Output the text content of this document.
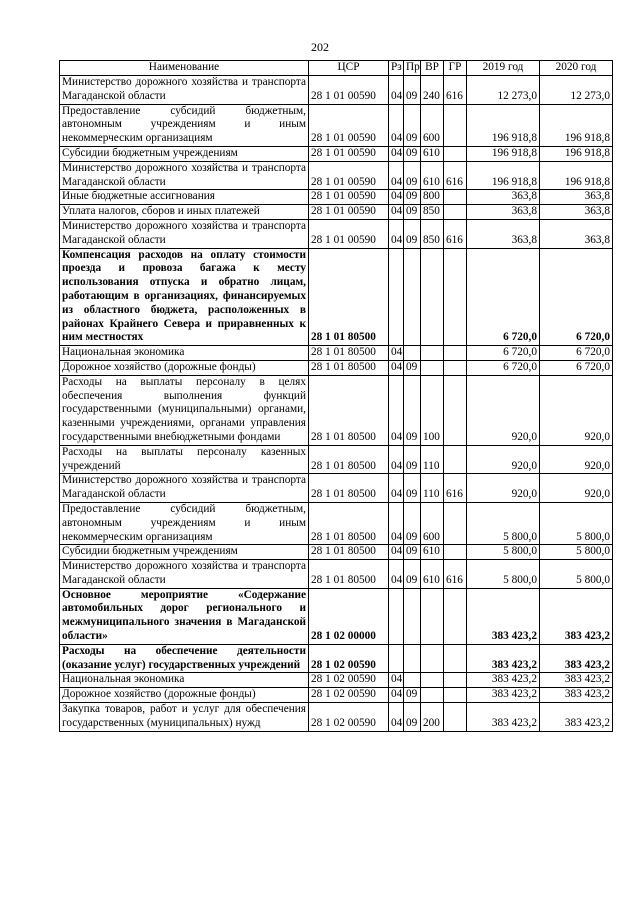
202
Наименование	ЦСР	Рз	Пр	ВР	ГР	2019 год	2020 год
Министерство дорожного хозяйства и транспорта Магаданской области	28 1 01 00590	04	09	240	616	12 273,0	12 273,0
Предоставление субсидий бюджетным, автономным учреждениям и иным некоммерческим организациям	28 1 01 00590	04	09	600		196 918,8	196 918,8
Субсидии бюджетным учреждениям	28 1 01 00590	04	09	610		196 918,8	196 918,8
Министерство дорожного хозяйства и транспорта Магаданской области	28 1 01 00590	04	09	610	616	196 918,8	196 918,8
Иные бюджетные ассигнования	28 1 01 00590	04	09	800		363,8	363,8
Уплата налогов, сборов и иных платежей	28 1 01 00590	04	09	850		363,8	363,8
Министерство дорожного хозяйства и транспорта Магаданской области	28 1 01 00590	04	09	850	616	363,8	363,8
Компенсация расходов на оплату стоимости проезда и провоза багажа к месту использования отпуска и обратно лицам, работающим в организациях, финансируемых из областного бюджета, расположенных в районах Крайнего Севера и приравненных к ним местностях	28 1 01 80500					6 720,0	6 720,0
Национальная экономика	28 1 01 80500	04				6 720,0	6 720,0
Дорожное хозяйство (дорожные фонды)	28 1 01 80500	04	09			6 720,0	6 720,0
Расходы на выплаты персоналу в целях обеспечения выполнения функций государственными (муниципальными) органами, казенными учреждениями, органами управления государственными внебюджетными фондами	28 1 01 80500	04	09	100		920,0	920,0
Расходы на выплаты персоналу казенных учреждений	28 1 01 80500	04	09	110		920,0	920,0
Министерство дорожного хозяйства и транспорта Магаданской области	28 1 01 80500	04	09	110	616	920,0	920,0
Предоставление субсидий бюджетным, автономным учреждениям и иным некоммерческим организациям	28 1 01 80500	04	09	600		5 800,0	5 800,0
Субсидии бюджетным учреждениям	28 1 01 80500	04	09	610		5 800,0	5 800,0
Министерство дорожного хозяйства и транспорта Магаданской области	28 1 01 80500	04	09	610	616	5 800,0	5 800,0
Основное мероприятие «Содержание автомобильных дорог регионального и межмуниципального значения в Магаданской области»	28 1 02 00000					383 423,2	383 423,2
Расходы на обеспечение деятельности (оказание услуг) государственных учреждений	28 1 02 00590					383 423,2	383 423,2
Национальная экономика	28 1 02 00590	04				383 423,2	383 423,2
Дорожное хозяйство (дорожные фонды)	28 1 02 00590	04	09			383 423,2	383 423,2
Закупка товаров, работ и услуг для обеспечения государственных (муниципальных) нужд	28 1 02 00590	04	09	200		383 423,2	383 423,2
